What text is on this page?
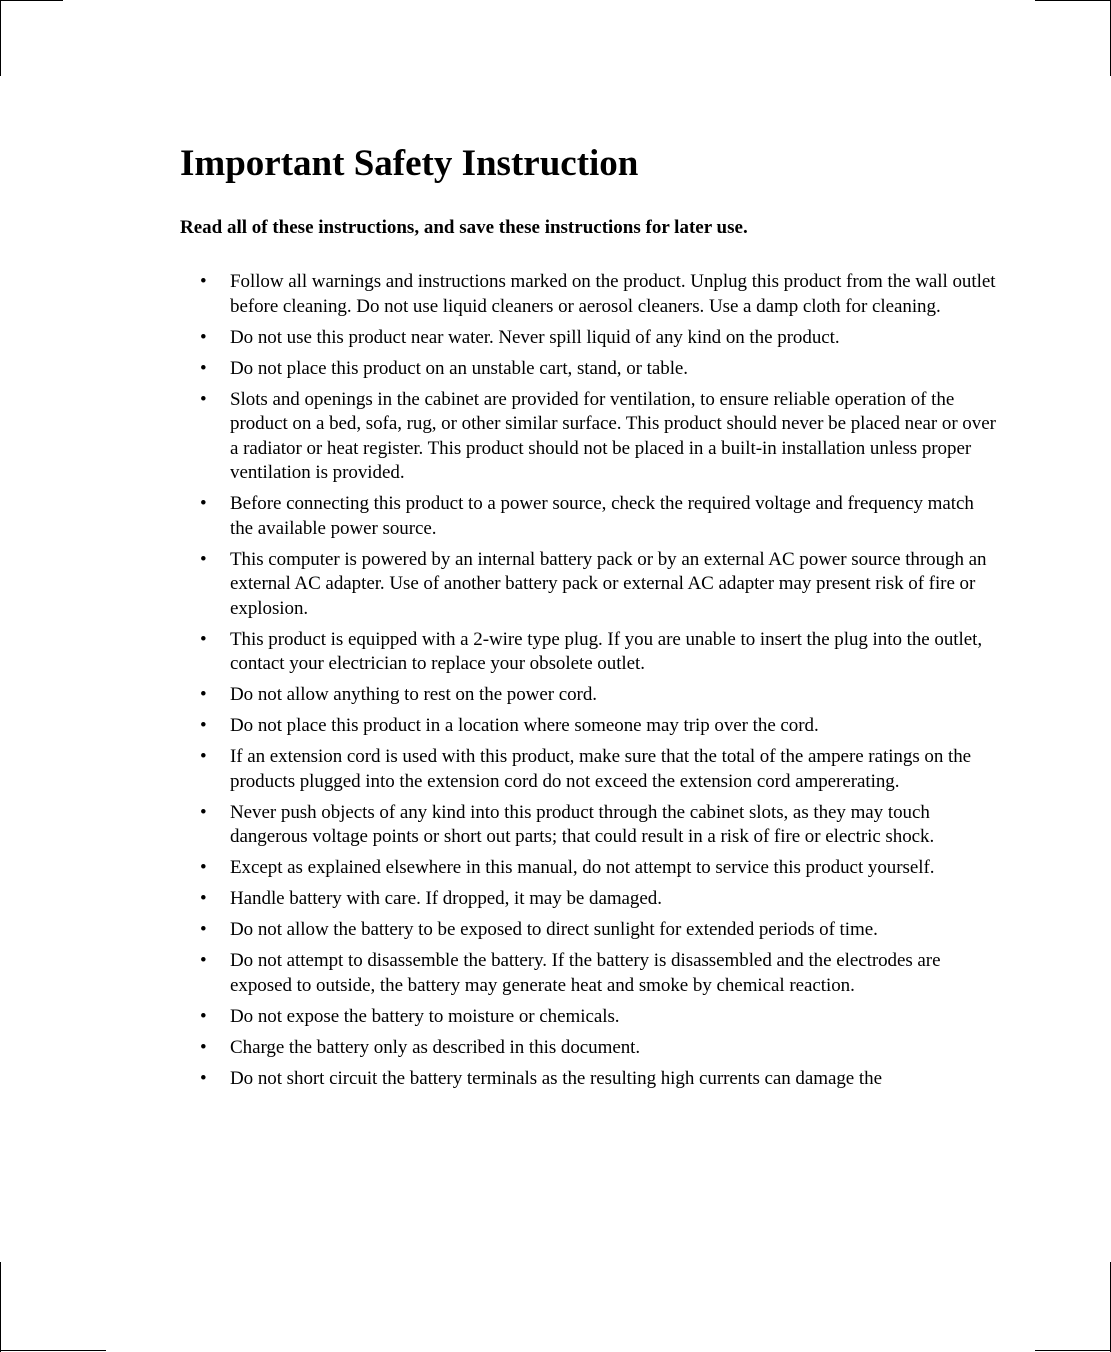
Important Safety Instruction

Read all of these instructions, and save these instructions for later use.

• Follow all warnings and instructions marked on the product. Unplug this product from the wall outlet before cleaning. Do not use liquid cleaners or aerosol cleaners. Use a damp cloth for cleaning.
• Do not use this product near water. Never spill liquid of any kind on the product.
• Do not place this product on an unstable cart, stand, or table.
• Slots and openings in the cabinet are provided for ventilation, to ensure reliable operation of the product on a bed, sofa, rug, or other similar surface. This product should never be placed near or over a radiator or heat register. This product should not be placed in a built-in installation unless proper ventilation is provided.
• Before connecting this product to a power source, check the required voltage and frequency match the available power source.
• This computer is powered by an internal battery pack or by an external AC power source through an external AC adapter. Use of another battery pack or external AC adapter may present risk of fire or explosion.
• This product is equipped with a 2-wire type plug. If you are unable to insert the plug into the outlet, contact your electrician to replace your obsolete outlet.
• Do not allow anything to rest on the power cord.
• Do not place this product in a location where someone may trip over the cord.
• If an extension cord is used with this product, make sure that the total of the ampere ratings on the products plugged into the extension cord do not exceed the extension cord ampererating.
• Never push objects of any kind into this product through the cabinet slots, as they may touch dangerous voltage points or short out parts; that could result in a risk of fire or electric shock.
• Except as explained elsewhere in this manual, do not attempt to service this product yourself.
• Handle battery with care. If dropped, it may be damaged.
• Do not allow the battery to be exposed to direct sunlight for extended periods of time.
• Do not attempt to disassemble the battery. If the battery is disassembled and the electrodes are exposed to outside, the battery may generate heat and smoke by chemical reaction.
• Do not expose the battery to moisture or chemicals.
• Charge the battery only as described in this document.
• Do not short circuit the battery terminals as the resulting high currents can damage the
